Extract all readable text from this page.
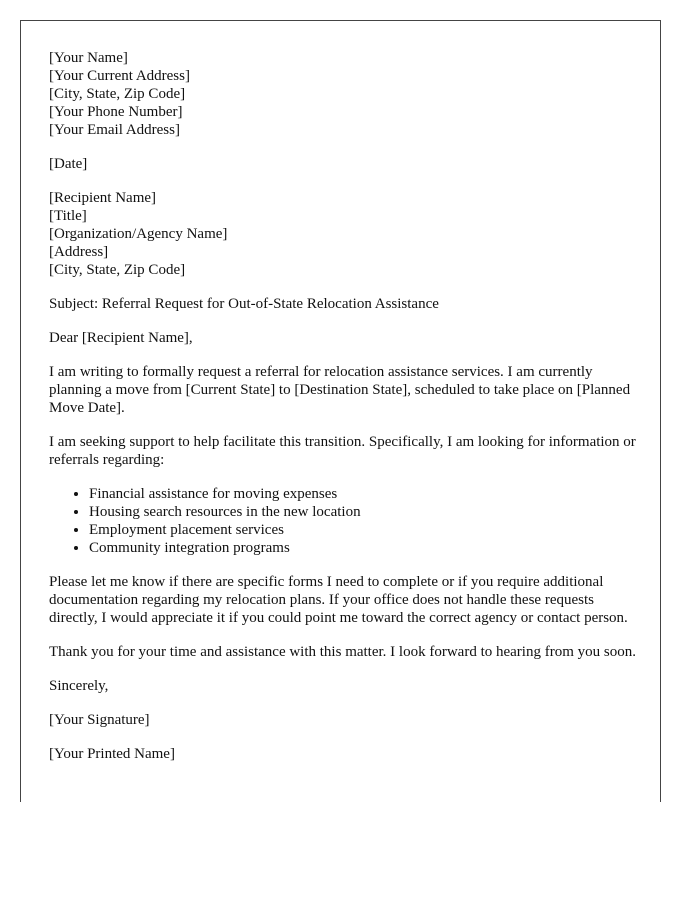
[Your Name]
[Your Current Address]
[City, State, Zip Code]
[Your Phone Number]
[Your Email Address]
[Date]
[Recipient Name]
[Title]
[Organization/Agency Name]
[Address]
[City, State, Zip Code]

Subject: Referral Request for Out-of-State Relocation Assistance

Dear [Recipient Name],

I am writing to formally request a referral for relocation assistance services. I am currently planning a move from [Current State] to [Destination State], scheduled to take place on [Planned Move Date].

I am seeking support to help facilitate this transition. Specifically, I am looking for information or referrals regarding:

• Financial assistance for moving expenses
• Housing search resources in the new location
• Employment placement services
• Community integration programs

Please let me know if there are specific forms I need to complete or if you require additional documentation regarding my relocation plans. If your office does not handle these requests directly, I would appreciate it if you could point me toward the correct agency or contact person.

Thank you for your time and assistance with this matter. I look forward to hearing from you soon.

Sincerely,

[Your Signature]

[Your Printed Name]
